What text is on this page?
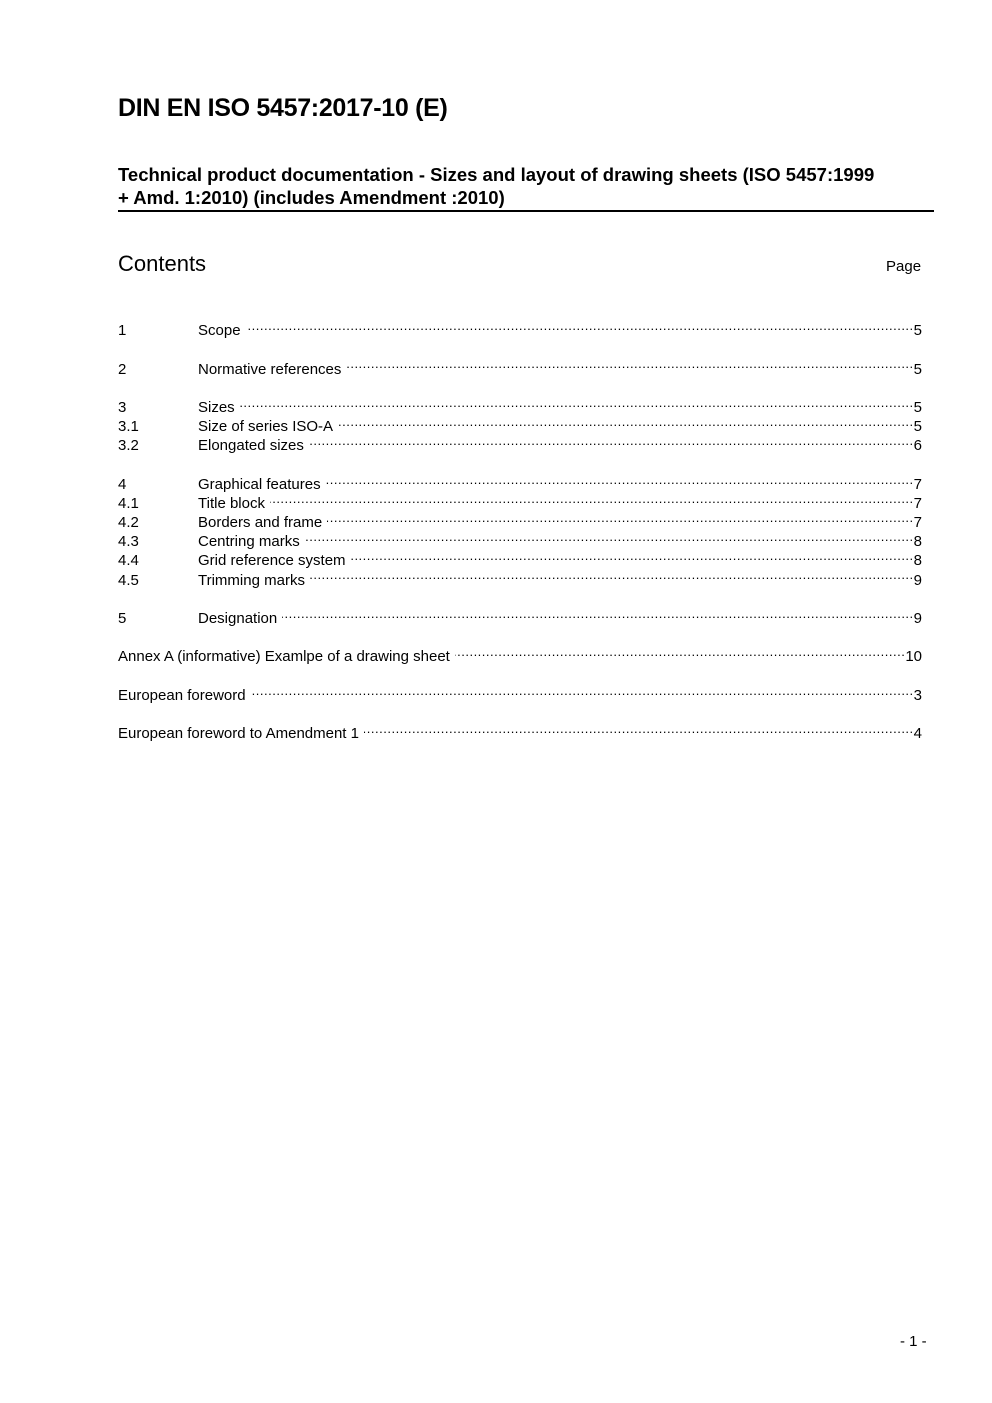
DIN EN ISO 5457:2017-10 (E)
Technical product documentation - Sizes and layout of drawing sheets (ISO 5457:1999 + Amd. 1:2010) (includes Amendment :2010)
Contents	Page
1	Scope .....	5
2	Normative references .....	5
3	Sizes .....	5
3.1	Size of series ISO-A .....	5
3.2	Elongated sizes .....	6
4	Graphical features .....	7
4.1	Title block .....	7
4.2	Borders and frame .....	7
4.3	Centring marks .....	8
4.4	Grid reference system .....	8
4.5	Trimming marks .....	9
5	Designation .....	9
Annex A (informative) Examlpe of a drawing sheet .....	10
European foreword .....	3
European foreword to Amendment 1 .....	4
- 1 -
